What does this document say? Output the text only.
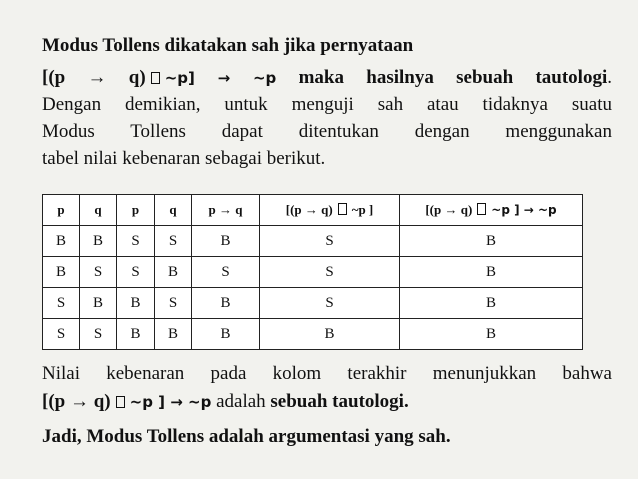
Modus Tollens dikatakan sah jika pernyataan
[(p → q) ~p] → ~p maka hasilnya sebuah tautologi.
Dengan demikian, untuk menguji sah atau tidaknya suatu
Modus Tollens dapat ditentukan dengan menggunakan
tabel nilai kebenaran sebagai berikut.
p	q	p	q	p → q	[(p → q) ~p ]	[(p → q) ~p ] → ~p
B	B	S	S	B	S	B
B	S	S	B	S	S	B
S	B	B	S	B	S	B
S	S	B	B	B	B	B
Nilai kebenaran pada kolom terakhir menunjukkan bahwa
[(p → q) ~p ] → ~p adalah sebuah tautologi.
Jadi, Modus Tollens adalah argumentasi yang sah.
